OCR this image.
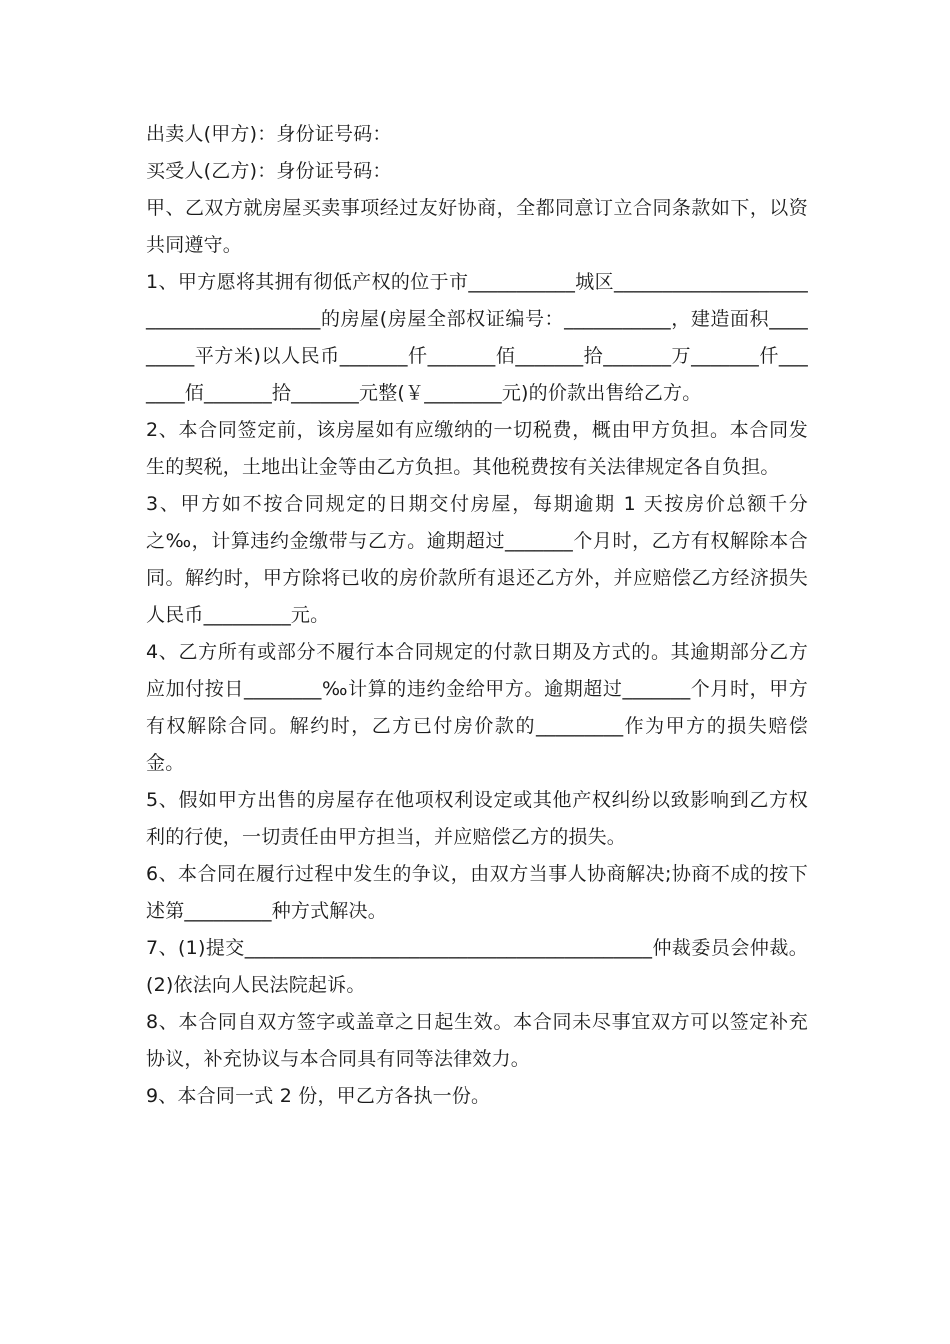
出卖人(甲方)：身份证号码：

买受人(乙方)：身份证号码：

甲、乙双方就房屋买卖事项经过友好协商，全都同意订立合同条款如下，以资共同遵守。

1、甲方愿将其拥有彻低产权的位于市___________城区______________________________________的房屋(房屋全部权证编号：___________，建造面积_________平方米)以人民币_______仟_______佰_______拾_______万_______仟_______佰_______拾_______元整(￥________元)的价款出售给乙方。

2、本合同签定前，该房屋如有应缴纳的一切税费，概由甲方负担。本合同发生的契税，土地出让金等由乙方负担。其他税费按有关法律规定各自负担。

3、甲方如不按合同规定的日期交付房屋，每期逾期 1 天按房价总额千分之‰，计算违约金缴带与乙方。逾期超过_______个月时，乙方有权解除本合同。解约时，甲方除将已收的房价款所有退还乙方外，并应赔偿乙方经济损失人民币_________元。

4、乙方所有或部分不履行本合同规定的付款日期及方式的。其逾期部分乙方应加付按日________‰计算的违约金给甲方。逾期超过_______个月时，甲方有权解除合同。解约时，乙方已付房价款的_________作为甲方的损失赔偿金。

5、假如甲方出售的房屋存在他项权利设定或其他产权纠纷以致影响到乙方权利的行使，一切责任由甲方担当，并应赔偿乙方的损失。

6、本合同在履行过程中发生的争议，由双方当事人协商解决;协商不成的按下述第_________种方式解决。

7、(1)提交__________________________________________仲裁委员会仲裁。(2)依法向人民法院起诉。

8、本合同自双方签字或盖章之日起生效。本合同未尽事宜双方可以签定补充协议，补充协议与本合同具有同等法律效力。

9、本合同一式 2 份，甲乙方各执一份。
